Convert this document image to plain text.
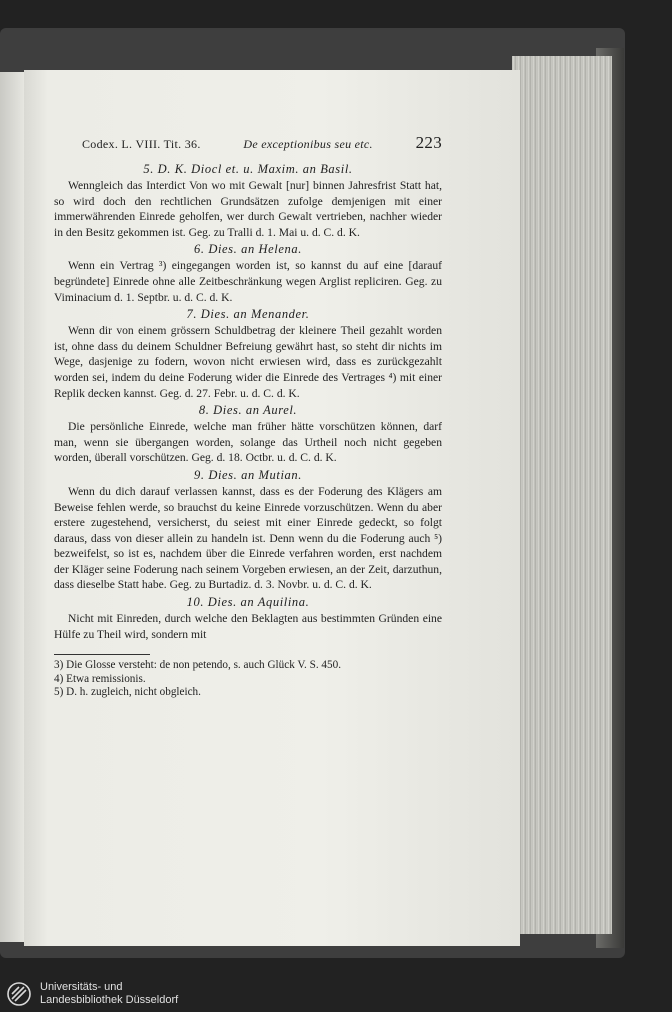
Codex. L. VIII. Tit. 36.	De exceptionibus seu etc.	223
5. D. K. Diocl et. u. Maxim. an Basil.

Wenngleich das Interdict Von wo mit Gewalt [nur] binnen Jahresfrist Statt hat, so wird doch den rechtlichen Grundsätzen zufolge demjenigen mit einer immerwährenden Einrede geholfen, wer durch Gewalt vertrieben, nachher wieder in den Besitz gekommen ist. Geg. zu Tralli d. 1. Mai u. d. C. d. K.

6. Dies. an Helena.

Wenn ein Vertrag ³) eingegangen worden ist, so kannst du auf eine [darauf begründete] Einrede ohne alle Zeitbeschränkung wegen Arglist repliciren. Geg. zu Viminacium d. 1. Septbr. u. d. C. d. K.

7. Dies. an Menander.

Wenn dir von einem grössern Schuldbetrag der kleinere Theil gezahlt worden ist, ohne dass du deinem Schuldner Befreiung gewährt hast, so steht dir nichts im Wege, dasjenige zu fodern, wovon nicht erwiesen wird, dass es zurückgezahlt worden sei, indem du deine Foderung wider die Einrede des Vertrages ⁴) mit einer Replik decken kannst. Geg. d. 27. Febr. u. d. C. d. K.

8. Dies. an Aurel.

Die persönliche Einrede, welche man früher hätte vorschützen können, darf man, wenn sie übergangen worden, solange das Urtheil noch nicht gegeben worden, überall vorschützen. Geg. d. 18. Octbr. u. d. C. d. K.

9. Dies. an Mutian.

Wenn du dich darauf verlassen kannst, dass es der Foderung des Klägers am Beweise fehlen werde, so brauchst du keine Einrede vorzuschützen. Wenn du aber erstere zugestehend, versicherst, du seiest mit einer Einrede gedeckt, so folgt daraus, dass von dieser allein zu handeln ist. Denn wenn du die Foderung auch ⁵) bezweifelst, so ist es, nachdem über die Einrede verfahren worden, erst nachdem der Kläger seine Foderung nach seinem Vorgeben erwiesen, an der Zeit, darzuthun, dass dieselbe Statt habe. Geg. zu Burtadiz. d. 3. Novbr. u. d. C. d. K.

10. Dies. an Aquilina.

Nicht mit Einreden, durch welche den Beklagten aus bestimmten Gründen eine Hülfe zu Theil wird, sondern mit

3) Die Glosse versteht: de non petendo, s. auch Glück V. S. 450.

4) Etwa remissionis.

5) D. h. zugleich, nicht obgleich.

Universitäts- und
Landesbibliothek Düsseldorf
